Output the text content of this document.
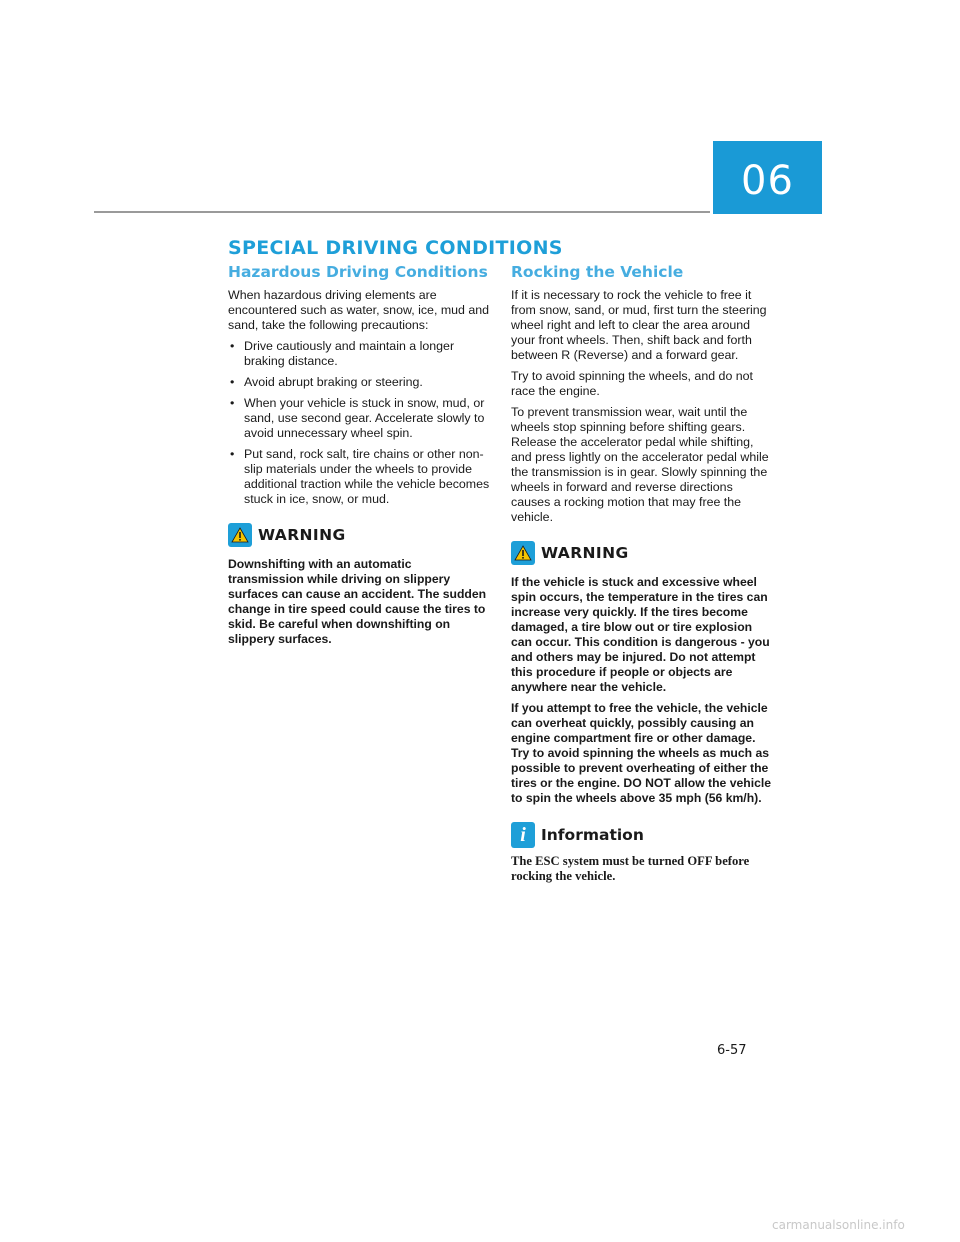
06
SPECIAL DRIVING CONDITIONS
Hazardous Driving Conditions

When hazardous driving elements are encountered such as water, snow, ice, mud and sand, take the following precautions:

• Drive cautiously and maintain a longer braking distance.
• Avoid abrupt braking or steering.
• When your vehicle is stuck in snow, mud, or sand, use second gear. Accelerate slowly to avoid unnecessary wheel spin.
• Put sand, rock salt, tire chains or other non-slip materials under the wheels to provide additional traction while the vehicle becomes stuck in ice, snow, or mud.
WARNING

Downshifting with an automatic transmission while driving on slippery surfaces can cause an accident. The sudden change in tire speed could cause the tires to skid. Be careful when downshifting on slippery surfaces.

Rocking the Vehicle

If it is necessary to rock the vehicle to free it from snow, sand, or mud, first turn the steering wheel right and left to clear the area around your front wheels. Then, shift back and forth between R (Reverse) and a forward gear.

Try to avoid spinning the wheels, and do not race the engine.

To prevent transmission wear, wait until the wheels stop spinning before shifting gears. Release the accelerator pedal while shifting, and press lightly on the accelerator pedal while the transmission is in gear. Slowly spinning the wheels in forward and reverse directions causes a rocking motion that may free the vehicle.

WARNING

If the vehicle is stuck and excessive wheel spin occurs, the temperature in the tires can increase very quickly. If the tires become damaged, a tire blow out or tire explosion can occur. This condition is dangerous - you and others may be injured. Do not attempt this procedure if people or objects are anywhere near the vehicle.

If you attempt to free the vehicle, the vehicle can overheat quickly, possibly causing an engine compartment fire or other damage. Try to avoid spinning the wheels as much as possible to prevent overheating of either the tires or the engine. DO NOT allow the vehicle to spin the wheels above 35 mph (56 km/h).

i Information

The ESC system must be turned OFF before rocking the vehicle.

6-57
carmanualsonline.info
